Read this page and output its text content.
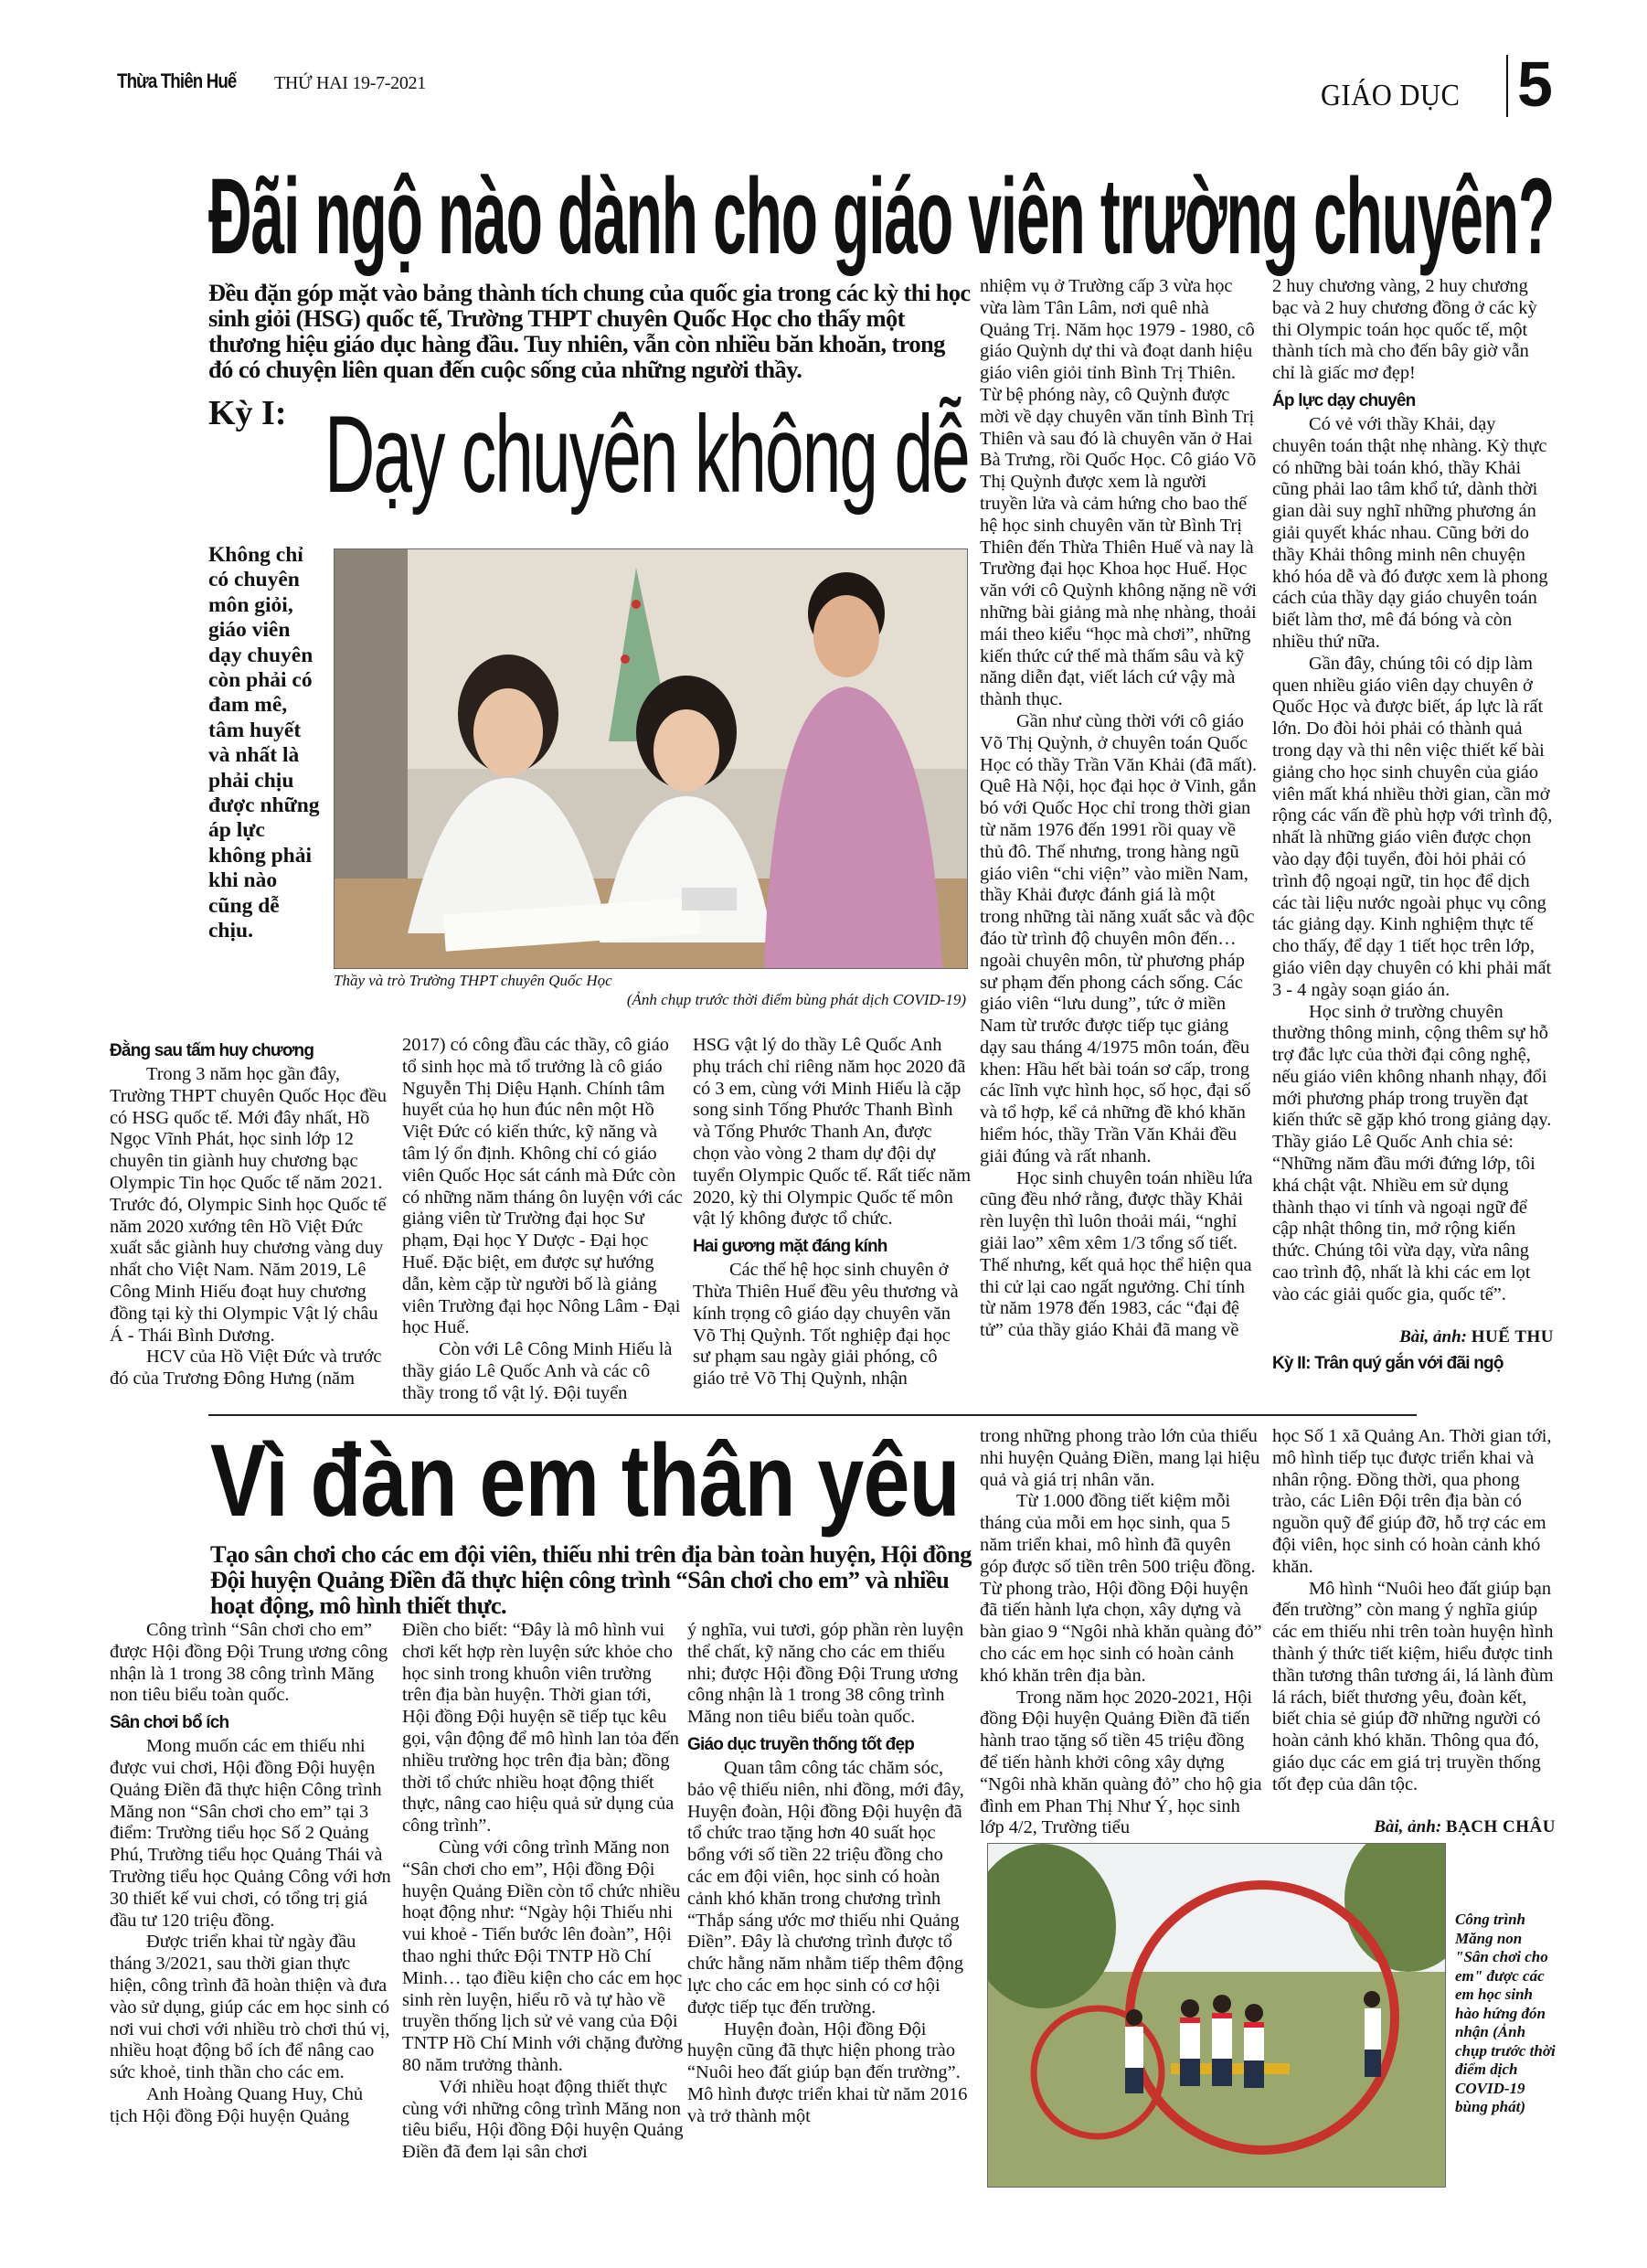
Thừa Thiên Huế THỨ HAI 19-7-2021	GIÁO DỤC 5
Đãi ngộ nào dành cho giáo viên trường chuyên?
Đều đặn góp mặt vào bảng thành tích chung của quốc gia trong các kỳ thi học sinh giỏi (HSG) quốc tế, Trường THPT chuyên Quốc Học cho thấy một thương hiệu giáo dục hàng đầu. Tuy nhiên, vẫn còn nhiều băn khoăn, trong đó có chuyện liên quan đến cuộc sống của những người thầy.
Kỳ I: Dạy chuyên không dễ
Không chỉ có chuyên môn giỏi, giáo viên dạy chuyên còn phải có đam mê, tâm huyết và nhất là phải chịu được những áp lực không phải khi nào cũng dễ chịu.
Thầy và trò Trường THPT chuyên Quốc Học
(Ảnh chụp trước thời điểm bùng phát dịch COVID-19)
Đằng sau tấm huy chương

Trong 3 năm học gần đây, Trường THPT chuyên Quốc Học đều có HSG quốc tế. Mới đây nhất, Hồ Ngọc Vĩnh Phát, học sinh lớp 12 chuyên tin giành huy chương bạc Olympic Tin học Quốc tế năm 2021. Trước đó, Olympic Sinh học Quốc tế năm 2020 xướng tên Hồ Việt Đức xuất sắc giành huy chương vàng duy nhất cho Việt Nam. Năm 2019, Lê Công Minh Hiếu đoạt huy chương đồng tại kỳ thi Olympic Vật lý châu Á - Thái Bình Dương.

HCV của Hồ Việt Đức và trước đó của Trương Đông Hưng (năm

2017) có công đầu các thầy, cô giáo tổ sinh học mà tổ trưởng là cô giáo Nguyễn Thị Diệu Hạnh. Chính tâm huyết của họ hun đúc nên một Hồ Việt Đức có kiến thức, kỹ năng và tâm lý ổn định. Không chỉ có giáo viên Quốc Học sát cánh mà Đức còn có những năm tháng ôn luyện với các giảng viên từ Trường đại học Sư phạm, Đại học Y Dược - Đại học Huế. Đặc biệt, em được sự hướng dẫn, kèm cặp từ người bố là giảng viên Trường đại học Nông Lâm - Đại học Huế.

Còn với Lê Công Minh Hiếu là thầy giáo Lê Quốc Anh và các cô thầy trong tổ vật lý. Đội tuyển

HSG vật lý do thầy Lê Quốc Anh phụ trách chỉ riêng năm học 2020 đã có 3 em, cùng với Minh Hiếu là cặp song sinh Tống Phước Thanh Bình và Tống Phước Thanh An, được chọn vào vòng 2 tham dự đội dự tuyển Olympic Quốc tế. Rất tiếc năm 2020, kỳ thi Olympic Quốc tế môn vật lý không được tổ chức.

Hai gương mặt đáng kính

Các thế hệ học sinh chuyên ở Thừa Thiên Huế đều yêu thương và kính trọng cô giáo dạy chuyên văn Võ Thị Quỳnh. Tốt nghiệp đại học sư phạm sau ngày giải phóng, cô giáo trẻ Võ Thị Quỳnh, nhận

nhiệm vụ ở Trường cấp 3 vừa học vừa làm Tân Lâm, nơi quê nhà Quảng Trị. Năm học 1979 - 1980, cô giáo Quỳnh dự thi và đoạt danh hiệu giáo viên giỏi tỉnh Bình Trị Thiên. Từ bệ phóng này, cô Quỳnh được mời về dạy chuyên văn tỉnh Bình Trị Thiên và sau đó là chuyên văn ở Hai Bà Trưng, rồi Quốc Học. Cô giáo Võ Thị Quỳnh được xem là người truyền lửa và cảm hứng cho bao thế hệ học sinh chuyên văn từ Bình Trị Thiên đến Thừa Thiên Huế và nay là Trường đại học Khoa học Huế. Học văn với cô Quỳnh không nặng nề với những bài giảng mà nhẹ nhàng, thoải mái theo kiểu “học mà chơi”, những kiến thức cứ thế mà thấm sâu và kỹ năng diễn đạt, viết lách cứ vậy mà thành thục.

Gần như cùng thời với cô giáo Võ Thị Quỳnh, ở chuyên toán Quốc Học có thầy Trần Văn Khải (đã mất). Quê Hà Nội, học đại học ở Vinh, gắn bó với Quốc Học chỉ trong thời gian từ năm 1976 đến 1991 rồi quay về thủ đô. Thế nhưng, trong hàng ngũ giáo viên “chi viện” vào miền Nam, thầy Khải được đánh giá là một trong những tài năng xuất sắc và độc đáo từ trình độ chuyên môn đến… ngoài chuyên môn, từ phương pháp sư phạm đến phong cách sống. Các giáo viên “lưu dung”, tức ở miền Nam từ trước được tiếp tục giảng dạy sau tháng 4/1975 môn toán, đều khen: Hầu hết bài toán sơ cấp, trong các lĩnh vực hình học, số học, đại số và tổ hợp, kể cả những đề khó khăn hiểm hóc, thầy Trần Văn Khải đều giải đúng và rất nhanh.

Học sinh chuyên toán nhiều lứa cũng đều nhớ rằng, được thầy Khải rèn luyện thì luôn thoải mái, “nghỉ giải lao” xêm xêm 1/3 tổng số tiết. Thế nhưng, kết quả học thể hiện qua thi cử lại cao ngất ngưởng. Chỉ tính từ năm 1978 đến 1983, các “đại đệ tử” của thầy giáo Khải đã mang về

2 huy chương vàng, 2 huy chương bạc và 2 huy chương đồng ở các kỳ thi Olympic toán học quốc tế, một thành tích mà cho đến bây giờ vẫn chỉ là giấc mơ đẹp!

Áp lực dạy chuyên

Có vẻ với thầy Khải, dạy chuyên toán thật nhẹ nhàng. Kỳ thực có những bài toán khó, thầy Khải cũng phải lao tâm khổ tứ, dành thời gian dài suy nghĩ những phương án giải quyết khác nhau. Cũng bởi do thầy Khải thông minh nên chuyện khó hóa dễ và đó được xem là phong cách của thầy dạy giáo chuyên toán biết làm thơ, mê đá bóng và còn nhiều thứ nữa.

Gần đây, chúng tôi có dịp làm quen nhiều giáo viên dạy chuyên ở Quốc Học và được biết, áp lực là rất lớn. Do đòi hỏi phải có thành quả trong dạy và thi nên việc thiết kế bài giảng cho học sinh chuyên của giáo viên mất khá nhiều thời gian, cần mở rộng các vấn đề phù hợp với trình độ, nhất là những giáo viên được chọn vào dạy đội tuyển, đòi hỏi phải có trình độ ngoại ngữ, tin học để dịch các tài liệu nước ngoài phục vụ công tác giảng dạy. Kinh nghiệm thực tế cho thấy, để dạy 1 tiết học trên lớp, giáo viên dạy chuyên có khi phải mất 3 - 4 ngày soạn giáo án.

Học sinh ở trường chuyên thường thông minh, cộng thêm sự hỗ trợ đắc lực của thời đại công nghệ, nếu giáo viên không nhanh nhạy, đổi mới phương pháp trong truyền đạt kiến thức sẽ gặp khó trong giảng dạy. Thầy giáo Lê Quốc Anh chia sẻ: “Những năm đầu mới đứng lớp, tôi khá chật vật. Nhiều em sử dụng thành thạo vi tính và ngoại ngữ để cập nhật thông tin, mở rộng kiến thức. Chúng tôi vừa dạy, vừa nâng cao trình độ, nhất là khi các em lọt vào các giải quốc gia, quốc tế”.

Bài, ảnh: HUẾ THU
Kỳ II: Trân quý gắn với đãi ngộ
Vì đàn em thân yêu
Tạo sân chơi cho các em đội viên, thiếu nhi trên địa bàn toàn huyện, Hội đồng Đội huyện Quảng Điền đã thực hiện công trình “Sân chơi cho em” và nhiều hoạt động, mô hình thiết thực.

Công trình “Sân chơi cho em” được Hội đồng Đội Trung ương công nhận là 1 trong 38 công trình Măng non tiêu biểu toàn quốc.

Sân chơi bổ ích

Mong muốn các em thiếu nhi được vui chơi, Hội đồng Đội huyện Quảng Điền đã thực hiện Công trình Măng non “Sân chơi cho em” tại 3 điểm: Trường tiểu học Số 2 Quảng Phú, Trường tiểu học Quảng Thái và Trường tiểu học Quảng Công với hơn 30 thiết kế vui chơi, có tổng trị giá đầu tư 120 triệu đồng.

Được triển khai từ ngày đầu tháng 3/2021, sau thời gian thực hiện, công trình đã hoàn thiện và đưa vào sử dụng, giúp các em học sinh có nơi vui chơi với nhiều trò chơi thú vị, nhiều hoạt động bổ ích để nâng cao sức khoẻ, tinh thần cho các em.

Anh Hoàng Quang Huy, Chủ tịch Hội đồng Đội huyện Quảng

Điền cho biết: “Đây là mô hình vui chơi kết hợp rèn luyện sức khỏe cho học sinh trong khuôn viên trường trên địa bàn huyện. Thời gian tới, Hội đồng Đội huyện sẽ tiếp tục kêu gọi, vận động để mô hình lan tỏa đến nhiều trường học trên địa bàn; đồng thời tổ chức nhiều hoạt động thiết thực, nâng cao hiệu quả sử dụng của công trình”.

Cùng với công trình Măng non “Sân chơi cho em”, Hội đồng Đội huyện Quảng Điền còn tổ chức nhiều hoạt động như: “Ngày hội Thiếu nhi vui khoẻ - Tiến bước lên đoàn”, Hội thao nghi thức Đội TNTP Hồ Chí Minh… tạo điều kiện cho các em học sinh rèn luyện, hiểu rõ và tự hào về truyền thống lịch sử vẻ vang của Đội TNTP Hồ Chí Minh với chặng đường 80 năm trưởng thành.

Với nhiều hoạt động thiết thực cùng với những công trình Măng non tiêu biểu, Hội đồng Đội huyện Quảng Điền đã đem lại sân chơi

ý nghĩa, vui tươi, góp phần rèn luyện thể chất, kỹ năng cho các em thiếu nhi; được Hội đồng Đội Trung ương công nhận là 1 trong 38 công trình Măng non tiêu biểu toàn quốc.

Giáo dục truyền thống tốt đẹp

Quan tâm công tác chăm sóc, bảo vệ thiếu niên, nhi đồng, mới đây, Huyện đoàn, Hội đồng Đội huyện đã tổ chức trao tặng hơn 40 suất học bổng với số tiền 22 triệu đồng cho các em đội viên, học sinh có hoàn cảnh khó khăn trong chương trình “Thắp sáng ước mơ thiếu nhi Quảng Điền”. Đây là chương trình được tổ chức hằng năm nhằm tiếp thêm động lực cho các em học sinh có cơ hội được tiếp tục đến trường.

Huyện đoàn, Hội đồng Đội huyện cũng đã thực hiện phong trào “Nuôi heo đất giúp bạn đến trường”. Mô hình được triển khai từ năm 2016 và trở thành một

trong những phong trào lớn của thiếu nhi huyện Quảng Điền, mang lại hiệu quả và giá trị nhân văn.

Từ 1.000 đồng tiết kiệm mỗi tháng của mỗi em học sinh, qua 5 năm triển khai, mô hình đã quyên góp được số tiền trên 500 triệu đồng. Từ phong trào, Hội đồng Đội huyện đã tiến hành lựa chọn, xây dựng và bàn giao 9 “Ngôi nhà khăn quàng đỏ” cho các em học sinh có hoàn cảnh khó khăn trên địa bàn.

Trong năm học 2020-2021, Hội đồng Đội huyện Quảng Điền đã tiến hành trao tặng số tiền 45 triệu đồng để tiến hành khởi công xây dựng “Ngôi nhà khăn quàng đỏ” cho hộ gia đình em Phan Thị Như Ý, học sinh lớp 4/2, Trường tiểu

học Số 1 xã Quảng An. Thời gian tới, mô hình tiếp tục được triển khai và nhân rộng. Đồng thời, qua phong trào, các Liên Đội trên địa bàn có nguồn quỹ để giúp đỡ, hỗ trợ các em đội viên, học sinh có hoàn cảnh khó khăn.

Mô hình “Nuôi heo đất giúp bạn đến trường” còn mang ý nghĩa giúp các em thiếu nhi trên toàn huyện hình thành ý thức tiết kiệm, hiểu được tinh thần tương thân tương ái, lá lành đùm lá rách, biết thương yêu, đoàn kết, biết chia sẻ giúp đỡ những người có hoàn cảnh khó khăn. Thông qua đó, giáo dục các em giá trị truyền thống tốt đẹp của dân tộc.

Bài, ảnh: BẠCH CHÂU
Công trình Măng non "Sân chơi cho em" được các em học sinh hào hứng đón nhận (Ảnh chụp trước thời điểm dịch COVID-19 bùng phát)
